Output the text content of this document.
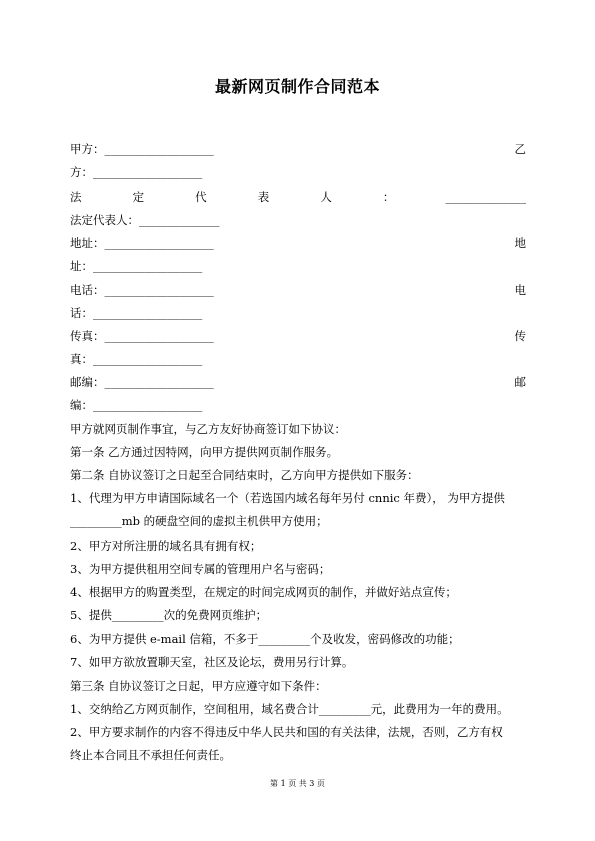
最新网页制作合同范本
甲方：___________________	乙
方：___________________
法	定	代	表	人	：	______________
法定代表人：______________
地址：___________________	地
址：___________________
电话：___________________	电
话：___________________
传真：___________________	传
真：___________________
邮编：___________________	邮
编：___________________
甲方就网页制作事宜，与乙方友好协商签订如下协议：
第一条 乙方通过因特网，向甲方提供网页制作服务。
第二条 自协议签订之日起至合同结束时，乙方向甲方提供如下服务：
1、代理为甲方申请国际域名一个（若选国内域名每年另付 cnnic 年费）， 为甲方提供
_________mb 的硬盘空间的虚拟主机供甲方使用；
2、甲方对所注册的域名具有拥有权；
3、为甲方提供租用空间专属的管理用户名与密码；
4、根据甲方的购置类型，在规定的时间完成网页的制作，并做好站点宣传；
5、提供_________次的免费网页维护；
6、为甲方提供 e-mail 信箱，不多于_________个及收发，密码修改的功能；
7、如甲方欲放置聊天室，社区及论坛，费用另行计算。
第三条 自协议签订之日起，甲方应遵守如下条件：
1、交纳给乙方网页制作，空间租用，域名费合计_________元，此费用为一年的费用。
2、甲方要求制作的内容不得违反中华人民共和国的有关法律，法规，否则，乙方有权
终止本合同且不承担任何责任。
第 1 页 共 3 页
